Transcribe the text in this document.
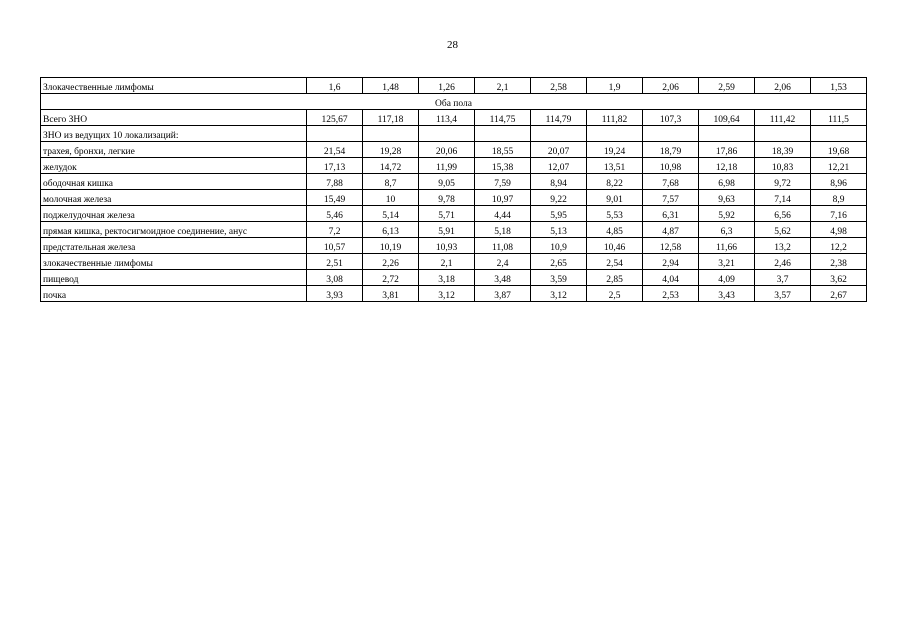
28
Злокачественные лимфомы	1,6	1,48	1,26	2,1	2,58	1,9	2,06	2,59	2,06	1,53
Оба пола										
Всего ЗНО	125,67	117,18	113,4	114,75	114,79	111,82	107,3	109,64	111,42	111,5
ЗНО из ведущих 10 локализаций:										
трахея, бронхи, легкие	21,54	19,28	20,06	18,55	20,07	19,24	18,79	17,86	18,39	19,68
желудок	17,13	14,72	11,99	15,38	12,07	13,51	10,98	12,18	10,83	12,21
ободочная кишка	7,88	8,7	9,05	7,59	8,94	8,22	7,68	6,98	9,72	8,96
молочная железа	15,49	10	9,78	10,97	9,22	9,01	7,57	9,63	7,14	8,9
поджелудочная железа	5,46	5,14	5,71	4,44	5,95	5,53	6,31	5,92	6,56	7,16
прямая кишка, ректосигмоидное соединение, анус	7,2	6,13	5,91	5,18	5,13	4,85	4,87	6,3	5,62	4,98
предстательная железа	10,57	10,19	10,93	11,08	10,9	10,46	12,58	11,66	13,2	12,2
злокачественные лимфомы	2,51	2,26	2,1	2,4	2,65	2,54	2,94	3,21	2,46	2,38
пищевод	3,08	2,72	3,18	3,48	3,59	2,85	4,04	4,09	3,7	3,62
почка	3,93	3,81	3,12	3,87	3,12	2,5	2,53	3,43	3,57	2,67
